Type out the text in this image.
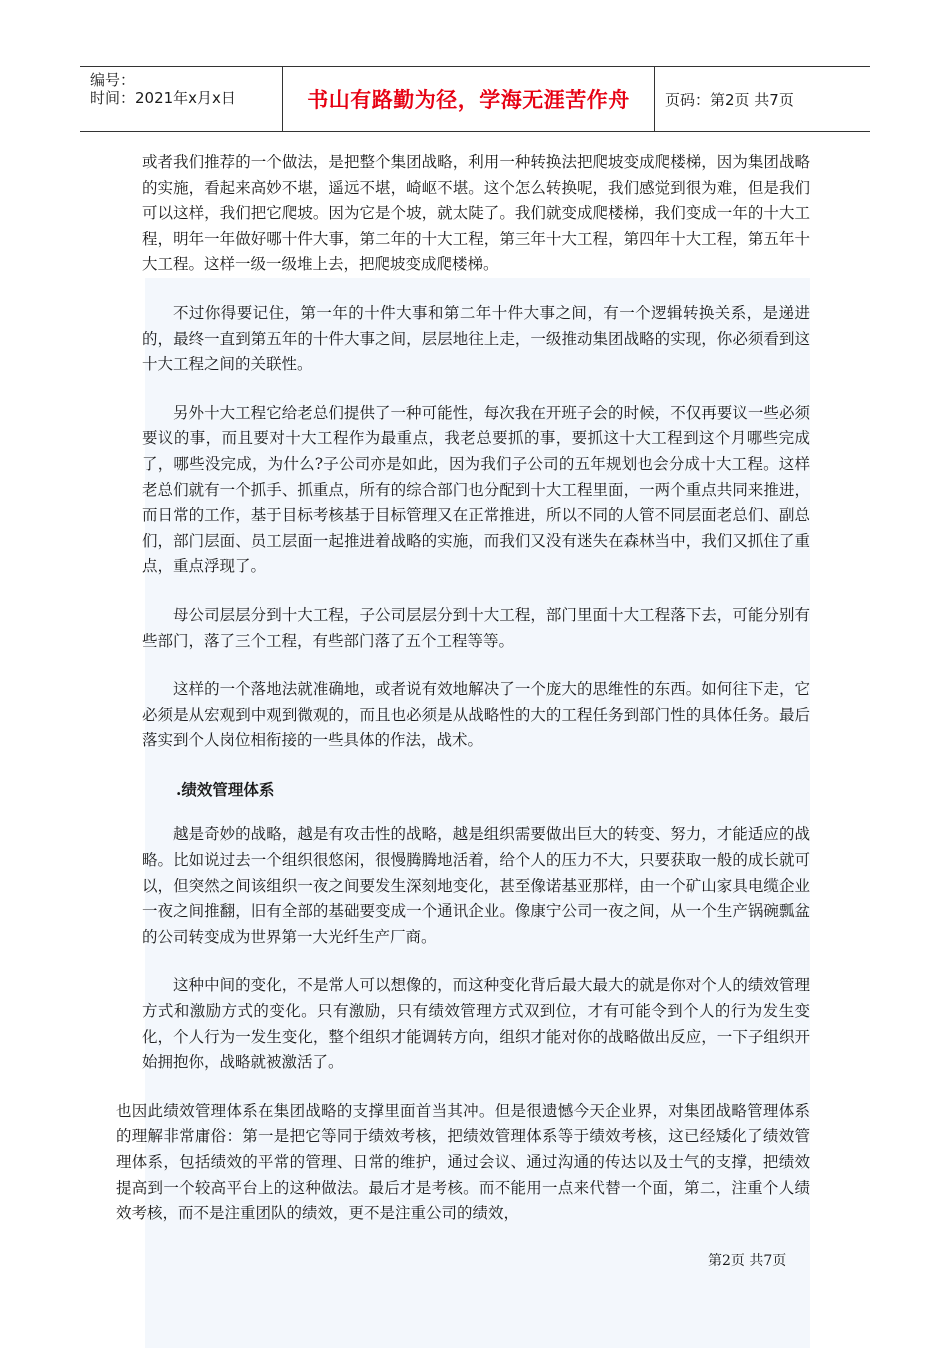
编号：
时间：2021年x月x日	书山有路勤为径，学海无涯苦作舟	页码：第2页 共7页

或者我们推荐的一个做法，是把整个集团战略，利用一种转换法把爬坡变成爬楼梯，因为集团战略的实施，看起来高妙不堪，遥远不堪，崎岖不堪。这个怎么转换呢，我们感觉到很为难，但是我们可以这样，我们把它爬坡。因为它是个坡，就太陡了。我们就变成爬楼梯，我们变成一年的十大工程，明年一年做好哪十件大事，第二年的十大工程，第三年十大工程，第四年十大工程，第五年十大工程。这样一级一级堆上去，把爬坡变成爬楼梯。

不过你得要记住，第一年的十件大事和第二年十件大事之间，有一个逻辑转换关系，是递进的，最终一直到第五年的十件大事之间，层层地往上走，一级推动集团战略的实现，你必须看到这十大工程之间的关联性。

另外十大工程它给老总们提供了一种可能性，每次我在开班子会的时候，不仅再要议一些必须要议的事，而且要对十大工程作为最重点，我老总要抓的事，要抓这十大工程到这个月哪些完成了，哪些没完成，为什么?子公司亦是如此，因为我们子公司的五年规划也会分成十大工程。这样老总们就有一个抓手、抓重点，所有的综合部门也分配到十大工程里面，一两个重点共同来推进，而日常的工作，基于目标考核基于目标管理又在正常推进，所以不同的人管不同层面老总们、副总们，部门层面、员工层面一起推进着战略的实施，而我们又没有迷失在森林当中，我们又抓住了重点，重点浮现了。

母公司层层分到十大工程，子公司层层分到十大工程，部门里面十大工程落下去，可能分别有些部门，落了三个工程，有些部门落了五个工程等等。

这样的一个落地法就准确地，或者说有效地解决了一个庞大的思维性的东西。如何往下走，它必须是从宏观到中观到微观的，而且也必须是从战略性的大的工程任务到部门性的具体任务。最后落实到个人岗位相衔接的一些具体的作法，战术。

.绩效管理体系

越是奇妙的战略，越是有攻击性的战略，越是组织需要做出巨大的转变、努力，才能适应的战略。比如说过去一个组织很悠闲，很慢腾腾地活着，给个人的压力不大，只要获取一般的成长就可以，但突然之间该组织一夜之间要发生深刻地变化，甚至像诺基亚那样，由一个矿山家具电缆企业一夜之间推翻，旧有全部的基础要变成一个通讯企业。像康宁公司一夜之间，从一个生产锅碗瓢盆的公司转变成为世界第一大光纤生产厂商。

这种中间的变化，不是常人可以想像的，而这种变化背后最大最大的就是你对个人的绩效管理方式和激励方式的变化。只有激励，只有绩效管理方式双到位，才有可能令到个人的行为发生变化，个人行为一发生变化，整个组织才能调转方向，组织才能对你的战略做出反应，一下子组织开始拥抱你，战略就被激活了。

也因此绩效管理体系在集团战略的支撑里面首当其冲。但是很遗憾今天企业界，对集团战略管理体系的理解非常庸俗：第一是把它等同于绩效考核，把绩效管理体系等于绩效考核，这已经矮化了绩效管理体系，包括绩效的平常的管理、日常的维护，通过会议、通过沟通的传达以及士气的支撑，把绩效提高到一个较高平台上的这种做法。最后才是考核。而不能用一点来代替一个面，第二，注重个人绩效考核，而不是注重团队的绩效，更不是注重公司的绩效，

第2页 共7页
